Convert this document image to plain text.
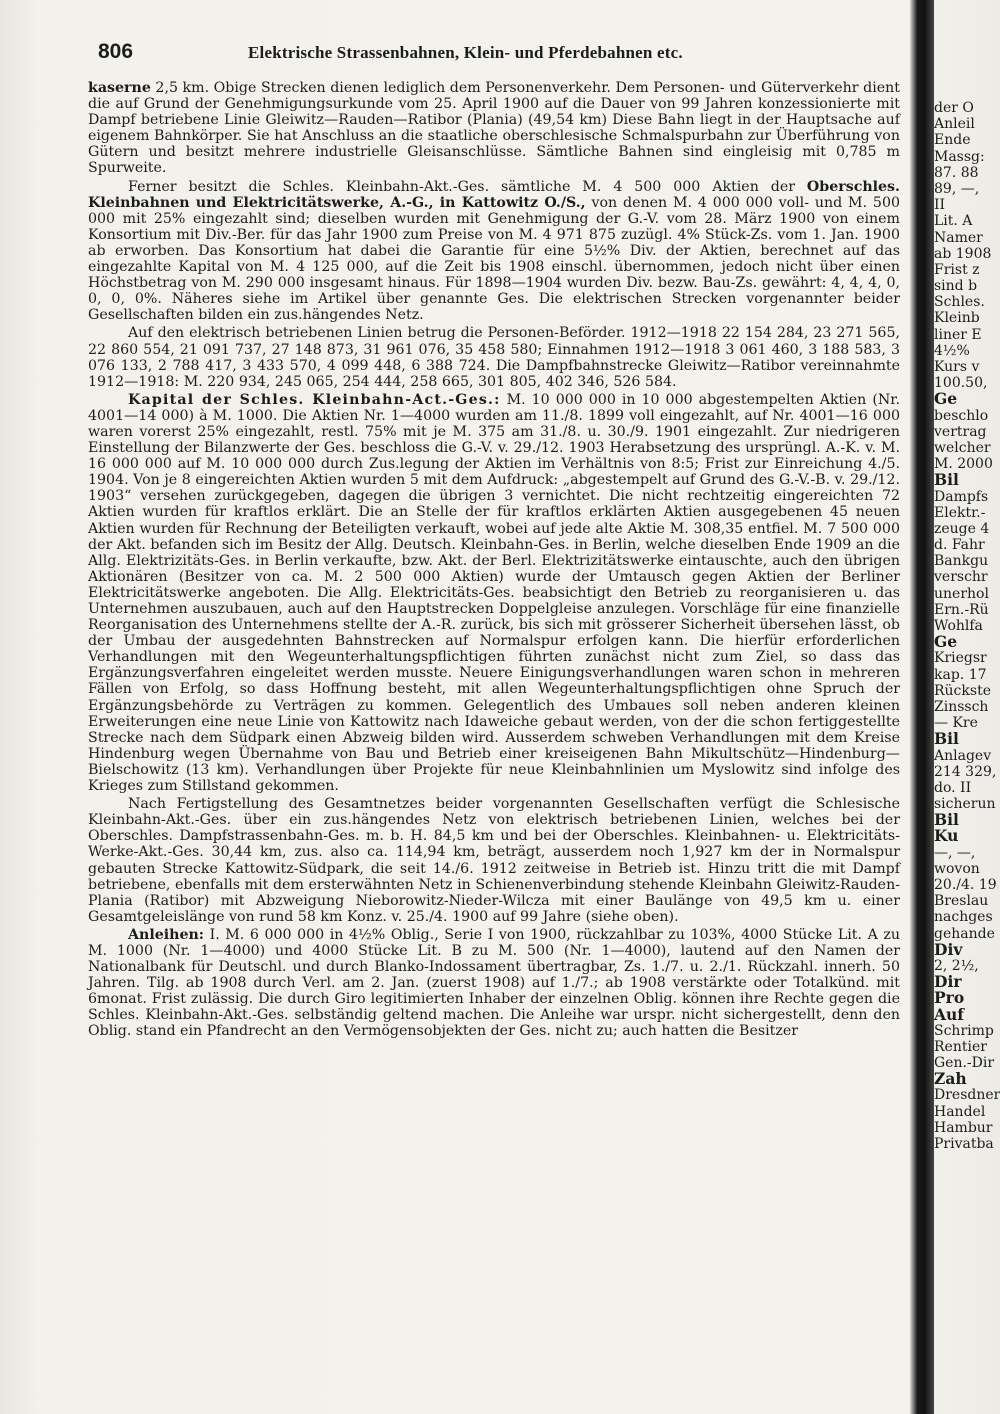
806	Elektrische Strassenbahnen, Klein- und Pferdebahnen etc.

kaserne 2,5 km. Obige Strecken dienen lediglich dem Personenverkehr. Dem Personen- und Güterverkehr dient die auf Grund der Genehmigungsurkunde vom 25. April 1900 auf die Dauer von 99 Jahren konzessionierte mit Dampf betriebene Linie Gleiwitz—Rauden—Ratibor (Plania) (49,54 km) Diese Bahn liegt in der Hauptsache auf eigenem Bahnkörper. Sie hat Anschluss an die staatliche oberschlesische Schmalspurbahn zur Überführung von Gütern und besitzt mehrere industrielle Gleisanschlüsse. Sämtliche Bahnen sind eingleisig mit 0,785 m Spurweite.

Ferner besitzt die Schles. Kleinbahn-Akt.-Ges. sämtliche M. 4 500 000 Aktien der Oberschles. Kleinbahnen und Elektricitätswerke, A.-G., in Kattowitz O./S., von denen M. 4 000 000 voll- und M. 500 000 mit 25% eingezahlt sind; dieselben wurden mit Genehmigung der G.-V. vom 28. März 1900 von einem Konsortium mit Div.-Ber. für das Jahr 1900 zum Preise von M. 4 971 875 zuzügl. 4% Stück-Zs. vom 1. Jan. 1900 ab erworben. Das Konsortium hat dabei die Garantie für eine 5½% Div. der Aktien, berechnet auf das eingezahlte Kapital von M. 4 125 000, auf die Zeit bis 1908 einschl. übernommen, jedoch nicht über einen Höchstbetrag von M. 290 000 insgesamt hinaus. Für 1898—1904 wurden Div. bezw. Bau-Zs. gewährt: 4, 4, 4, 0, 0, 0, 0%. Näheres siehe im Artikel über genannte Ges. Die elektrischen Strecken vorgenannter beider Gesellschaften bilden ein zus.hängendes Netz.

Auf den elektrisch betriebenen Linien betrug die Personen-Beförder. 1912—1918 22 154 284, 23 271 565, 22 860 554, 21 091 737, 27 148 873, 31 961 076, 35 458 580; Einnahmen 1912—1918 3 061 460, 3 188 583, 3 076 133, 2 788 417, 3 433 570, 4 099 448, 6 388 724. Die Dampfbahnstrecke Gleiwitz—Ratibor vereinnahmte 1912—1918: M. 220 934, 245 065, 254 444, 258 665, 301 805, 402 346, 526 584.

Kapital der Schles. Kleinbahn-Act.-Ges.: M. 10 000 000 in 10 000 abgestempelten Aktien (Nr. 4001—14 000) à M. 1000. Die Aktien Nr. 1—4000 wurden am 11./8. 1899 voll eingezahlt, auf Nr. 4001—16 000 waren vorerst 25% eingezahlt, restl. 75% mit je M. 375 am 31./8. u. 30./9. 1901 eingezahlt. Zur niedrigeren Einstellung der Bilanzwerte der Ges. beschloss die G.-V. v. 29./12. 1903 Herabsetzung des ursprüngl. A.-K. v. M. 16 000 000 auf M. 10 000 000 durch Zus.legung der Aktien im Verhältnis von 8:5; Frist zur Einreichung 4./5. 1904. Von je 8 eingereichten Aktien wurden 5 mit dem Aufdruck: „abgestempelt auf Grund des G.-V.-B. v. 29./12. 1903“ versehen zurückgegeben, dagegen die übrigen 3 vernichtet. Die nicht rechtzeitig eingereichten 72 Aktien wurden für kraftlos erklärt. Die an Stelle der für kraftlos erklärten Aktien ausgegebenen 45 neuen Aktien wurden für Rechnung der Beteiligten verkauft, wobei auf jede alte Aktie M. 308,35 entfiel. M. 7 500 000 der Akt. befanden sich im Besitz der Allg. Deutsch. Kleinbahn-Ges. in Berlin, welche dieselben Ende 1909 an die Allg. Elektrizitäts-Ges. in Berlin verkaufte, bzw. Akt. der Berl. Elektrizitätswerke eintauschte, auch den übrigen Aktionären (Besitzer von ca. M. 2 500 000 Aktien) wurde der Umtausch gegen Aktien der Berliner Elektricitätswerke angeboten. Die Allg. Elektricitäts-Ges. beabsichtigt den Betrieb zu reorganisieren u. das Unternehmen auszubauen, auch auf den Hauptstrecken Doppelgleise anzulegen. Vorschläge für eine finanzielle Reorganisation des Unternehmens stellte der A.-R. zurück, bis sich mit grösserer Sicherheit übersehen lässt, ob der Umbau der ausgedehnten Bahnstrecken auf Normalspur erfolgen kann. Die hierfür erforderlichen Verhandlungen mit den Wegeunterhaltungspflichtigen führten zunächst nicht zum Ziel, so dass das Ergänzungsverfahren eingeleitet werden musste. Neuere Einigungsverhandlungen waren schon in mehreren Fällen von Erfolg, so dass Hoffnung besteht, mit allen Wegeunterhaltungspflichtigen ohne Spruch der Ergänzungsbehörde zu Verträgen zu kommen. Gelegentlich des Umbaues soll neben anderen kleinen Erweiterungen eine neue Linie von Kattowitz nach Idaweiche gebaut werden, von der die schon fertiggestellte Strecke nach dem Südpark einen Abzweig bilden wird. Ausserdem schweben Verhandlungen mit dem Kreise Hindenburg wegen Übernahme von Bau und Betrieb einer kreiseigenen Bahn Mikultschütz—Hindenburg—Bielschowitz (13 km). Verhandlungen über Projekte für neue Kleinbahnlinien um Myslowitz sind infolge des Krieges zum Stillstand gekommen.

Nach Fertigstellung des Gesamtnetzes beider vorgenannten Gesellschaften verfügt die Schlesische Kleinbahn-Akt.-Ges. über ein zus.hängendes Netz von elektrisch betriebenen Linien, welches bei der Oberschles. Dampfstrassenbahn-Ges. m. b. H. 84,5 km und bei der Oberschles. Kleinbahnen- u. Elektricitäts-Werke-Akt.-Ges. 30,44 km, zus. also ca. 114,94 km, beträgt, ausserdem noch 1,927 km der in Normalspur gebauten Strecke Kattowitz-Südpark, die seit 14./6. 1912 zeitweise in Betrieb ist. Hinzu tritt die mit Dampf betriebene, ebenfalls mit dem ersterwähnten Netz in Schienenverbindung stehende Kleinbahn Gleiwitz-Rauden-Plania (Ratibor) mit Abzweigung Nieborowitz-Nieder-Wilcza mit einer Baulänge von 49,5 km u. einer Gesamtgeleislänge von rund 58 km Konz. v. 25./4. 1900 auf 99 Jahre (siehe oben).

Anleihen: I. M. 6 000 000 in 4½% Oblig., Serie I von 1900, rückzahlbar zu 103%, 4000 Stücke Lit. A zu M. 1000 (Nr. 1—4000) und 4000 Stücke Lit. B zu M. 500 (Nr. 1—4000), lautend auf den Namen der Nationalbank für Deutschl. und durch Blanko-Indossament übertragbar, Zs. 1./7. u. 2./1. Rückzahl. innerh. 50 Jahren. Tilg. ab 1908 durch Verl. am 2. Jan. (zuerst 1908) auf 1./7.; ab 1908 verstärkte oder Totalkünd. mit 6monat. Frist zulässig. Die durch Giro legitimierten Inhaber der einzelnen Oblig. können ihre Rechte gegen die Schles. Kleinbahn-Akt.-Ges. selbständig geltend machen. Die Anleihe war urspr. nicht sichergestellt, denn den Oblig. stand ein Pfandrecht an den Vermögensobjekten der Ges. nicht zu; auch hatten die Besitzer

der O
Anleil
Ende
Massg:
87. 88
89, —,
II
Lit. A
Namer
ab 1908
Frist z
sind b
Schles.
Kleinb
liner E
4½%
Kurs v
100.50,
Ge
beschlo
vertrag
welcher
M. 2000
Bil
Dampfs
Elektr.-
zeuge 4
d. Fahr
Bankgu
verschr
unerhol
Ern.-Rü
Wohlfa
Ge
Kriegsr
kap. 17
Rückste
Zinssch
— Kre
Bil
Anlagev
214 329,
do. II
sicherun
Bil
Ku
—, —,
wovon
20./4. 19
Breslau
nachges
gehande
Div
2, 2½,
Dir
Pro
Auf
Schrimp
Rentier
Gen.-Dir
Zah
Dresdner
Handel
Hambur
Privatba
